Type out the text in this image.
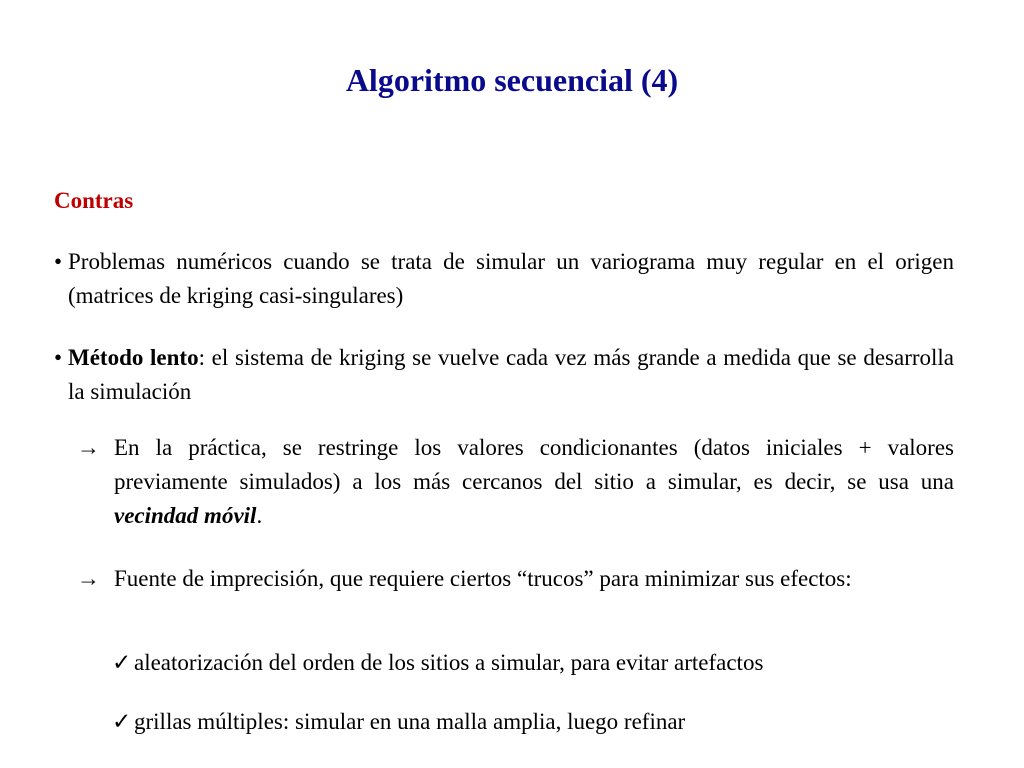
Algoritmo secuencial (4)
Contras
• Problemas numéricos cuando se trata de simular un variograma muy regular en el origen (matrices de kriging casi-singulares)
• Método lento: el sistema de kriging se vuelve cada vez más grande a medida que se desarrolla la simulación
→ En la práctica, se restringe los valores condicionantes (datos iniciales + valores previamente simulados) a los más cercanos del sitio a simular, es decir, se usa una vecindad móvil.
→ Fuente de imprecisión, que requiere ciertos “trucos” para minimizar sus efectos:
✓ aleatorización del orden de los sitios a simular, para evitar artefactos
✓ grillas múltiples: simular en una malla amplia, luego refinar
